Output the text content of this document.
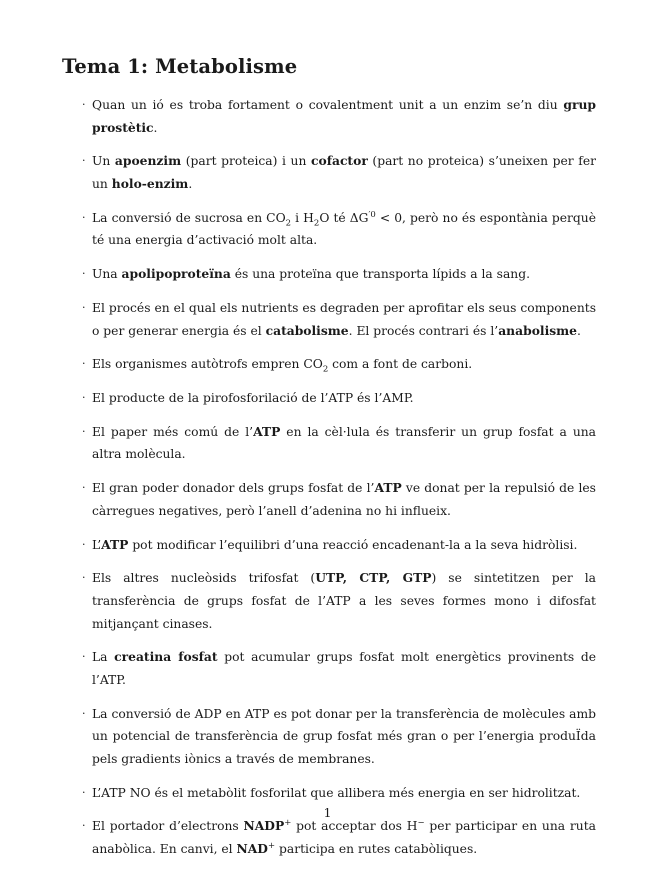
Tema 1: Metabolisme
· Quan un ió es troba fortament o covalentment unit a un enzim se’n diu grup prostètic.
· Un apoenzim (part proteica) i un cofactor (part no proteica) s’uneixen per fer un holo-enzim.
· La conversió de sucrosa en $CO_2$ i $H_2O$ té $\Delta G^{'0} < 0$, però no és espontània perquè té una energia d’activació molt alta.
· Una apolipoproteïna és una proteïna que transporta lípids a la sang.
· El procés en el qual els nutrients es degraden per aprofitar els seus components o per generar energia és el catabolisme. El procés contrari és l’anabolisme.
· Els organismes autòtrofs empren $CO_2$ com a font de carboni.
· El producte de la pirofosforilació de l’ATP és l’AMP.
· El paper més comú de l’ATP en la cèl·lula és transferir un grup fosfat a una altra molècula.
· El gran poder donador dels grups fosfat de l’ATP ve donat per la repulsió de les càrregues negatives, però l’anell d’adenina no hi influeix.
· L’ATP pot modificar l’equilibri d’una reacció encadenant-la a la seva hidròlisi.
· Els altres nucleòsids trifosfat (UTP, CTP, GTP) se sintetitzen per la transferència de grups fosfat de l’ATP a les seves formes mono i difosfat mitjançant cinases.
· La creatina fosfat pot acumular grups fosfat molt energètics provinents de l’ATP.
· La conversió de ADP en ATP es pot donar per la transferència de molècules amb un potencial de transferència de grup fosfat més gran o per l’energia produÏda pels gradients iònics a través de membranes.
· L’ATP NO és el metabòlit fosforilat que allibera més energia en ser hidrolitzat.
· El portador d’electrons NADP+ pot acceptar dos H− per participar en una ruta anabòlica. En canvi, el NAD+ participa en rutes catabòliques.
1
